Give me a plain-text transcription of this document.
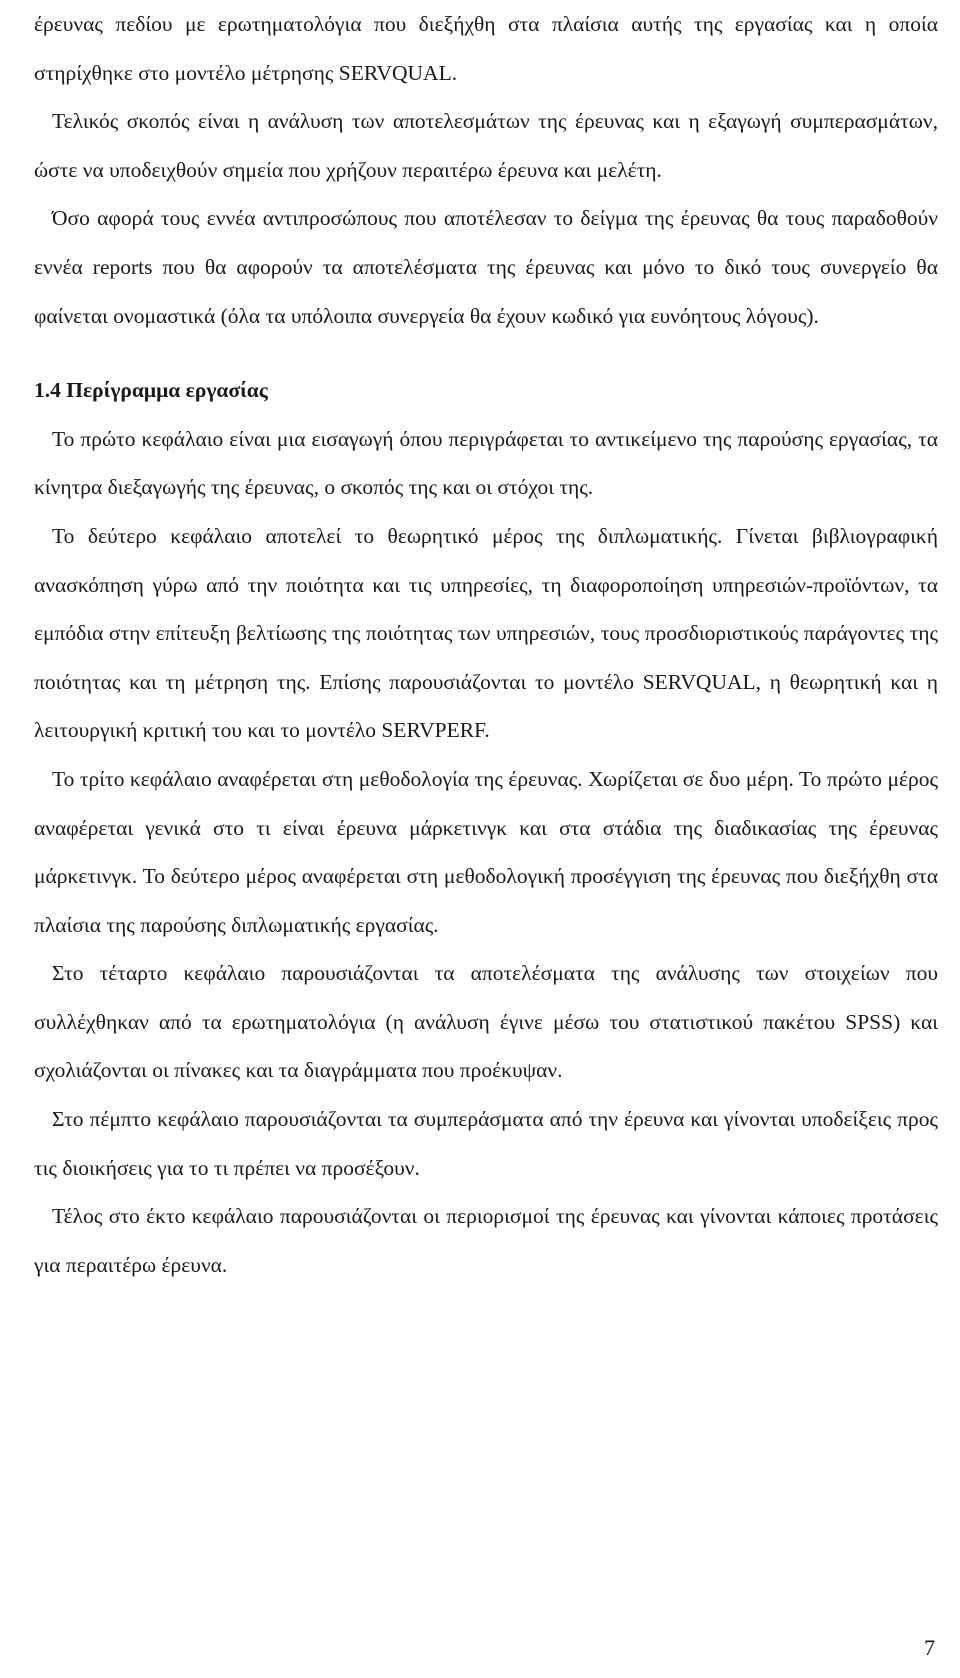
έρευνας πεδίου με ερωτηματολόγια που διεξήχθη στα πλαίσια αυτής της εργασίας και η οποία στηρίχθηκε στο μοντέλο μέτρησης SERVQUAL.

Τελικός σκοπός είναι η ανάλυση των αποτελεσμάτων της έρευνας και η εξαγωγή συμπερασμάτων, ώστε να υποδειχθούν σημεία που χρήζουν περαιτέρω έρευνα και μελέτη.

Όσο αφορά τους εννέα αντιπροσώπους που αποτέλεσαν το δείγμα της έρευνας θα τους παραδοθούν εννέα reports που θα αφορούν τα αποτελέσματα της έρευνας και μόνο το δικό τους συνεργείο θα φαίνεται ονομαστικά (όλα τα υπόλοιπα συνεργεία θα έχουν κωδικό για ευνόητους λόγους).

1.4 Περίγραμμα εργασίας

Το πρώτο κεφάλαιο είναι μια εισαγωγή όπου περιγράφεται το αντικείμενο της παρούσης εργασίας, τα κίνητρα διεξαγωγής της έρευνας, ο σκοπός της και οι στόχοι της.

Το δεύτερο κεφάλαιο αποτελεί το θεωρητικό μέρος της διπλωματικής. Γίνεται βιβλιογραφική ανασκόπηση γύρω από την ποιότητα και τις υπηρεσίες, τη διαφοροποίηση υπηρεσιών-προϊόντων, τα εμπόδια στην επίτευξη βελτίωσης της ποιότητας των υπηρεσιών, τους προσδιοριστικούς παράγοντες της ποιότητας και τη μέτρηση της. Επίσης παρουσιάζονται το μοντέλο SERVQUAL, η θεωρητική και η λειτουργική κριτική του και το μοντέλο SERVPERF.

Το τρίτο κεφάλαιο αναφέρεται στη μεθοδολογία της έρευνας. Χωρίζεται σε δυο μέρη. Το πρώτο μέρος αναφέρεται γενικά στο τι είναι έρευνα μάρκετινγκ και στα στάδια της διαδικασίας της έρευνας μάρκετινγκ. Το δεύτερο μέρος αναφέρεται στη μεθοδολογική προσέγγιση της έρευνας που διεξήχθη στα πλαίσια της παρούσης διπλωματικής εργασίας.

Στο τέταρτο κεφάλαιο παρουσιάζονται τα αποτελέσματα της ανάλυσης των στοιχείων που συλλέχθηκαν από τα ερωτηματολόγια (η ανάλυση έγινε μέσω του στατιστικού πακέτου SPSS) και σχολιάζονται οι πίνακες και τα διαγράμματα που προέκυψαν.

Στο πέμπτο κεφάλαιο παρουσιάζονται τα συμπεράσματα από την έρευνα και γίνονται υποδείξεις προς τις διοικήσεις για το τι πρέπει να προσέξουν.

Τέλος στο έκτο κεφάλαιο παρουσιάζονται οι περιορισμοί της έρευνας και γίνονται κάποιες προτάσεις για περαιτέρω έρευνα.

7
